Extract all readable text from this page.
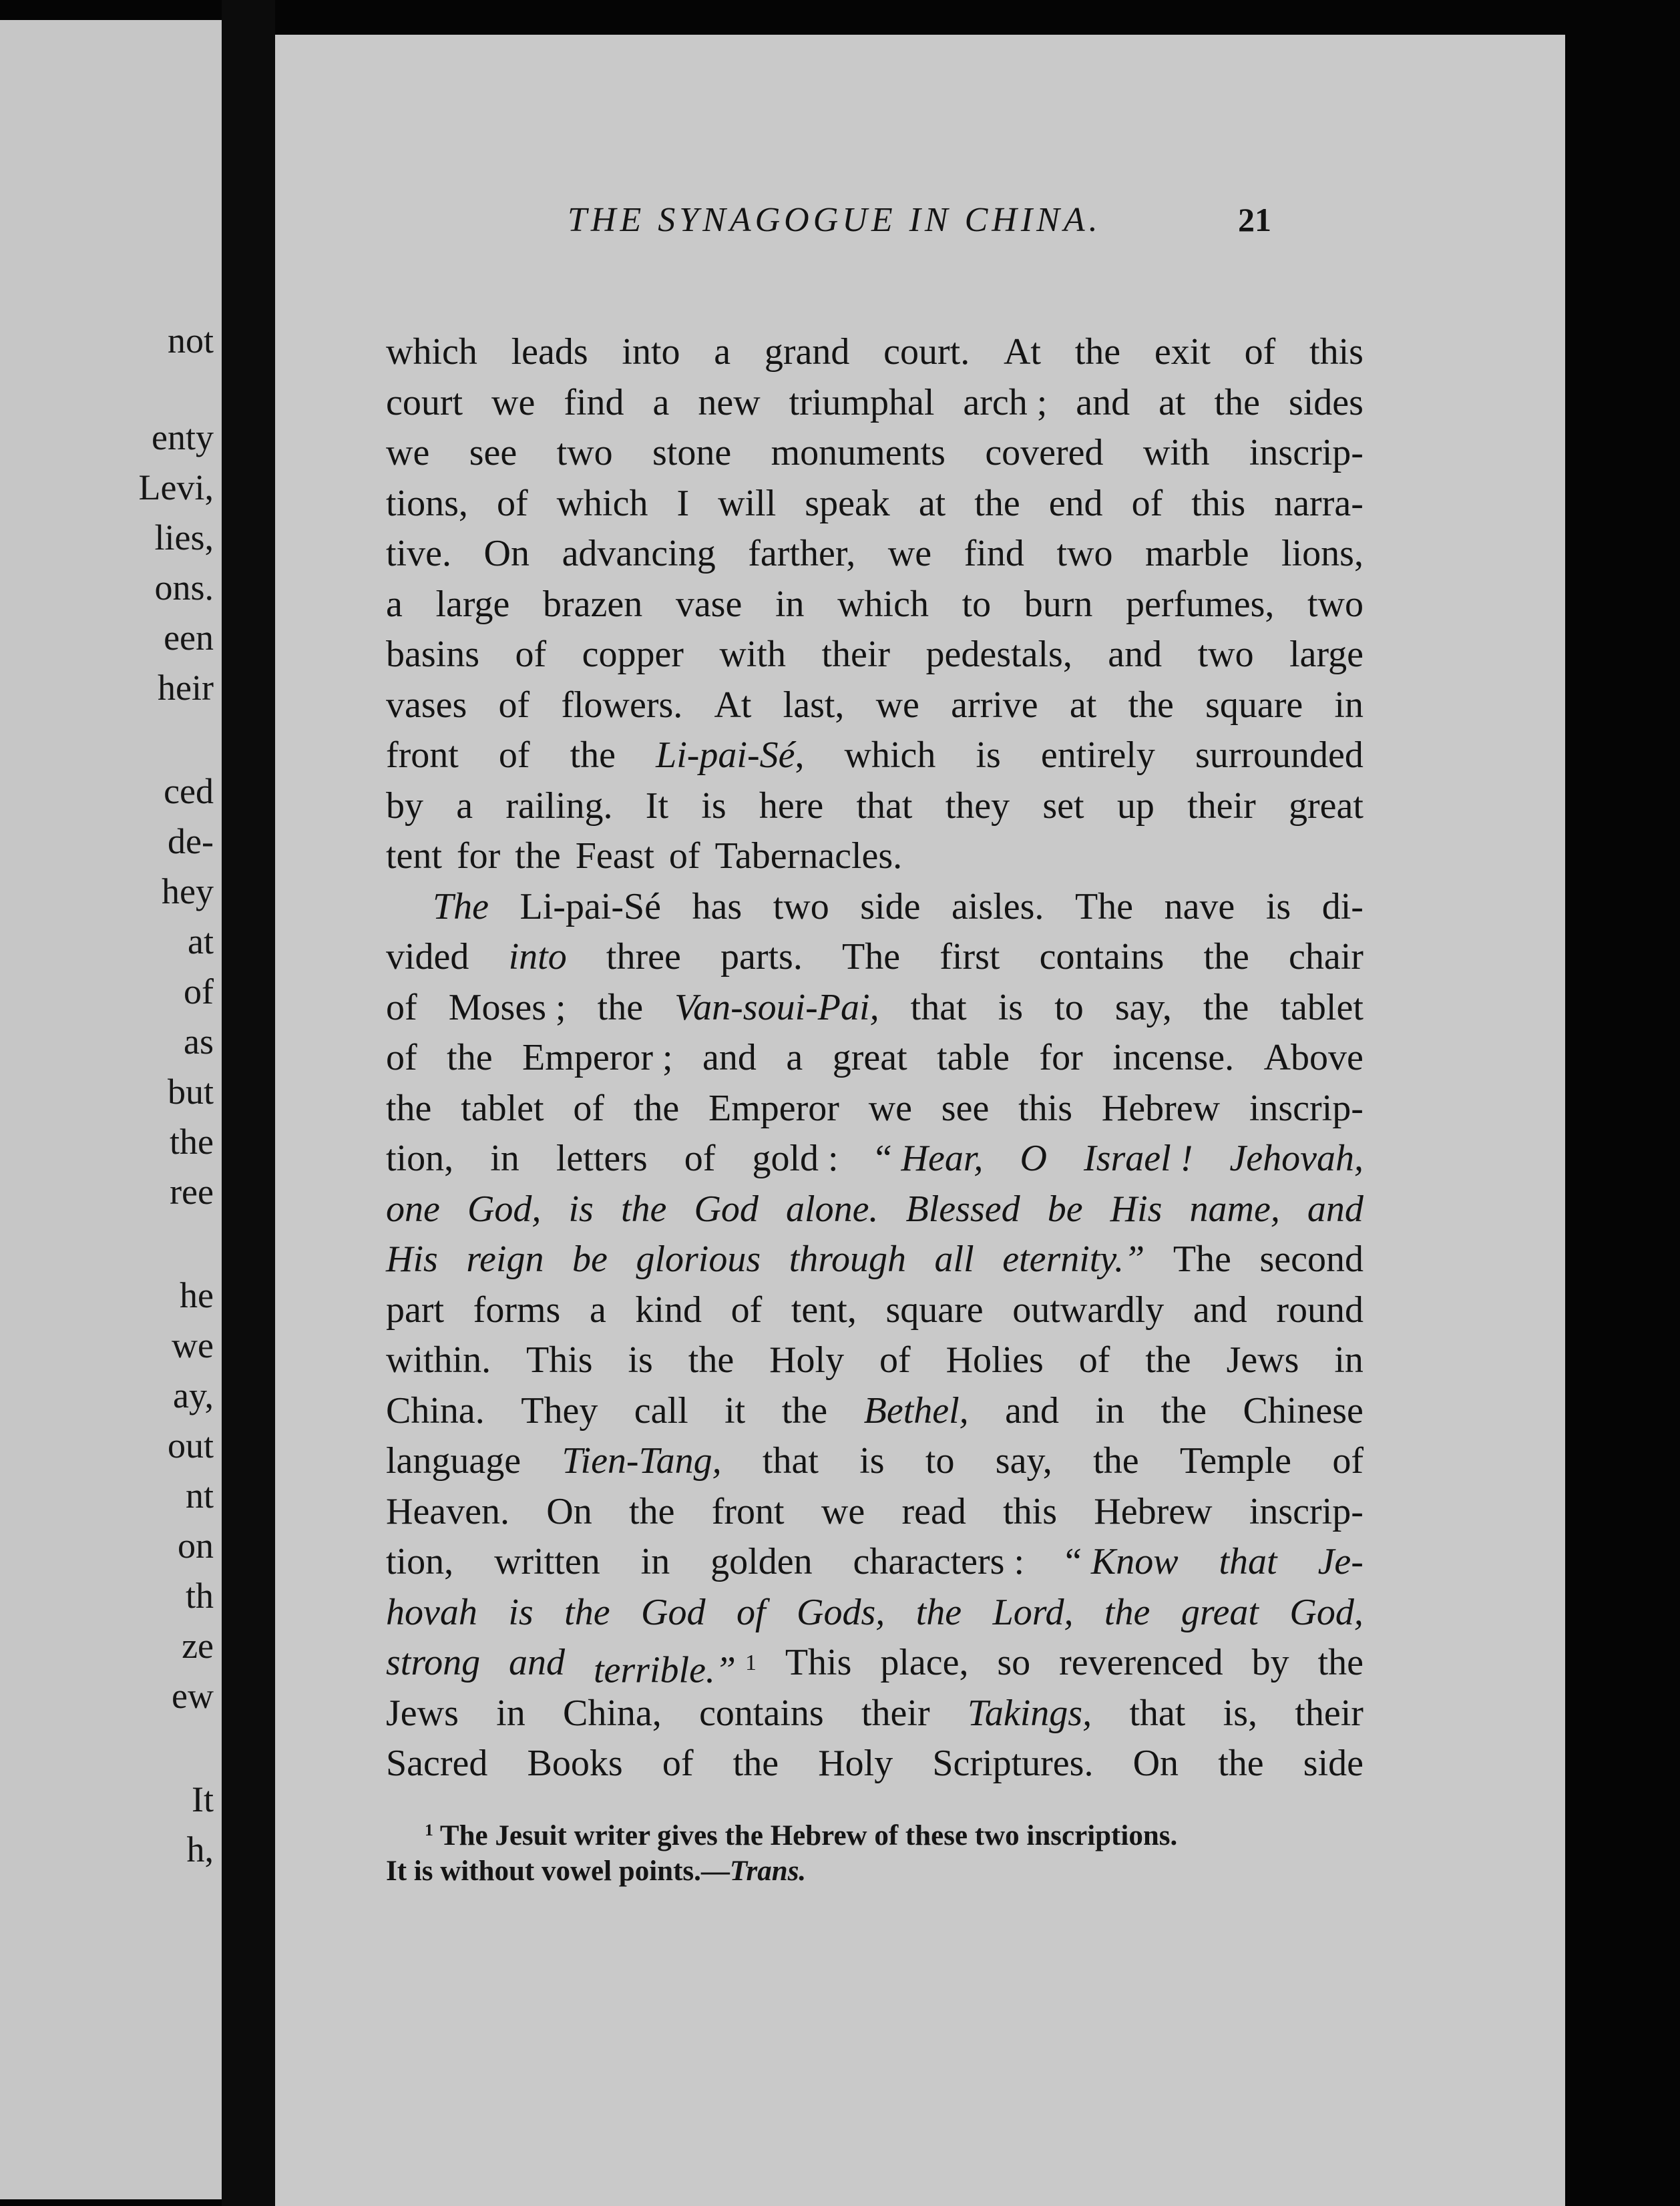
not
enty
Levi,
lies,
ons.
een
heir
ced
de-
hey
at
of
as
but
the
ree
he
we
ay,
out
nt
on
th
ze
ew
It
h,
THE SYNAGOGUE IN CHINA.	21
which leads into a grand court. At the exit of this
court we find a new triumphal arch ; and at the sides
we see two stone monuments covered with inscrip-
tions, of which I will speak at the end of this narra-
tive. On advancing farther, we find two marble lions,
a large brazen vase in which to burn perfumes, two
basins of copper with their pedestals, and two large
vases of flowers. At last, we arrive at the square in
front of the Li-pai-Sé, which is entirely surrounded
by a railing. It is here that they set up their great
tent for the Feast of Tabernacles.
The Li-pai-Sé has two side aisles. The nave is di-
vided into three parts. The first contains the chair
of Moses ; the Van-soui-Pai, that is to say, the tablet
of the Emperor ; and a great table for incense. Above
the tablet of the Emperor we see this Hebrew inscrip-
tion, in letters of gold : “ Hear, O Israel ! Jehovah,
one God, is the God alone. Blessed be His name, and
His reign be glorious through all eternity.” The second
part forms a kind of tent, square outwardly and round
within. This is the Holy of Holies of the Jews in
China. They call it the Bethel, and in the Chinese
language Tien-Tang, that is to say, the Temple of
Heaven. On the front we read this Hebrew inscrip-
tion, written in golden characters : “ Know that Je-
hovah is the God of Gods, the Lord, the great God,
strong and terrible.” $^1$ This place, so reverenced by the
Jews in China, contains their Takings, that is, their
Sacred Books of the Holy Scriptures. On the side
$^1$ The Jesuit writer gives the Hebrew of these two inscriptions.
It is without vowel points.—Trans.
